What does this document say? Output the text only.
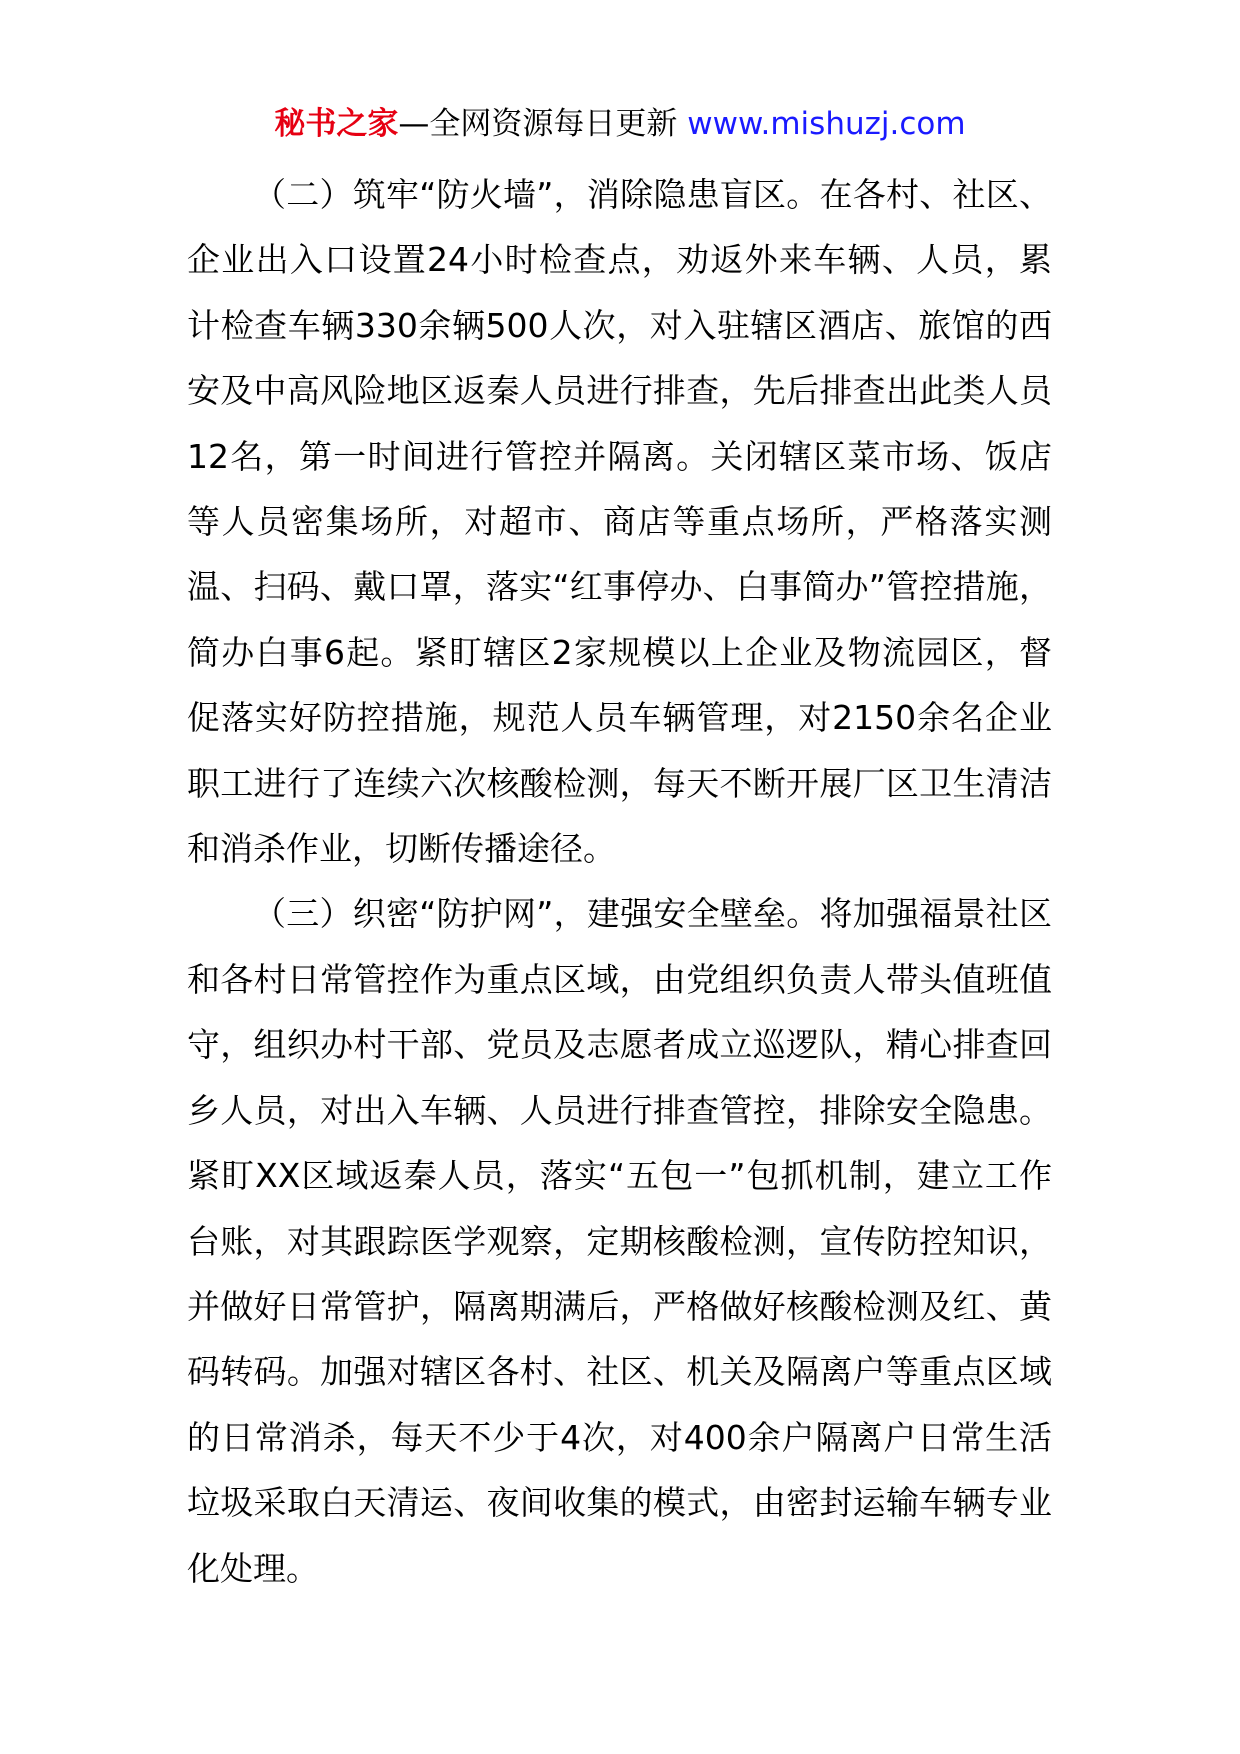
秘书之家—全网资源每日更新 www.mishuzj.com

（二）筑牢“防火墙”，消除隐患盲区。在各村、社区、企业出入口设置24小时检查点，劝返外来车辆、人员，累计检查车辆330余辆500人次，对入驻辖区酒店、旅馆的西安及中高风险地区返秦人员进行排查，先后排查出此类人员12名，第一时间进行管控并隔离。关闭辖区菜市场、饭店等人员密集场所，对超市、商店等重点场所，严格落实测温、扫码、戴口罩，落实“红事停办、白事简办”管控措施，简办白事6起。紧盯辖区2家规模以上企业及物流园区，督促落实好防控措施，规范人员车辆管理，对2150余名企业职工进行了连续六次核酸检测，每天不断开展厂区卫生清洁和消杀作业，切断传播途径。

（三）织密“防护网”，建强安全壁垒。将加强福景社区和各村日常管控作为重点区域，由党组织负责人带头值班值守，组织办村干部、党员及志愿者成立巡逻队，精心排查回乡人员，对出入车辆、人员进行排查管控，排除安全隐患。紧盯XX区域返秦人员，落实“五包一”包抓机制，建立工作台账，对其跟踪医学观察，定期核酸检测，宣传防控知识，并做好日常管护，隔离期满后，严格做好核酸检测及红、黄码转码。加强对辖区各村、社区、机关及隔离户等重点区域的日常消杀，每天不少于4次，对400余户隔离户日常生活垃圾采取白天清运、夜间收集的模式，由密封运输车辆专业化处理。
